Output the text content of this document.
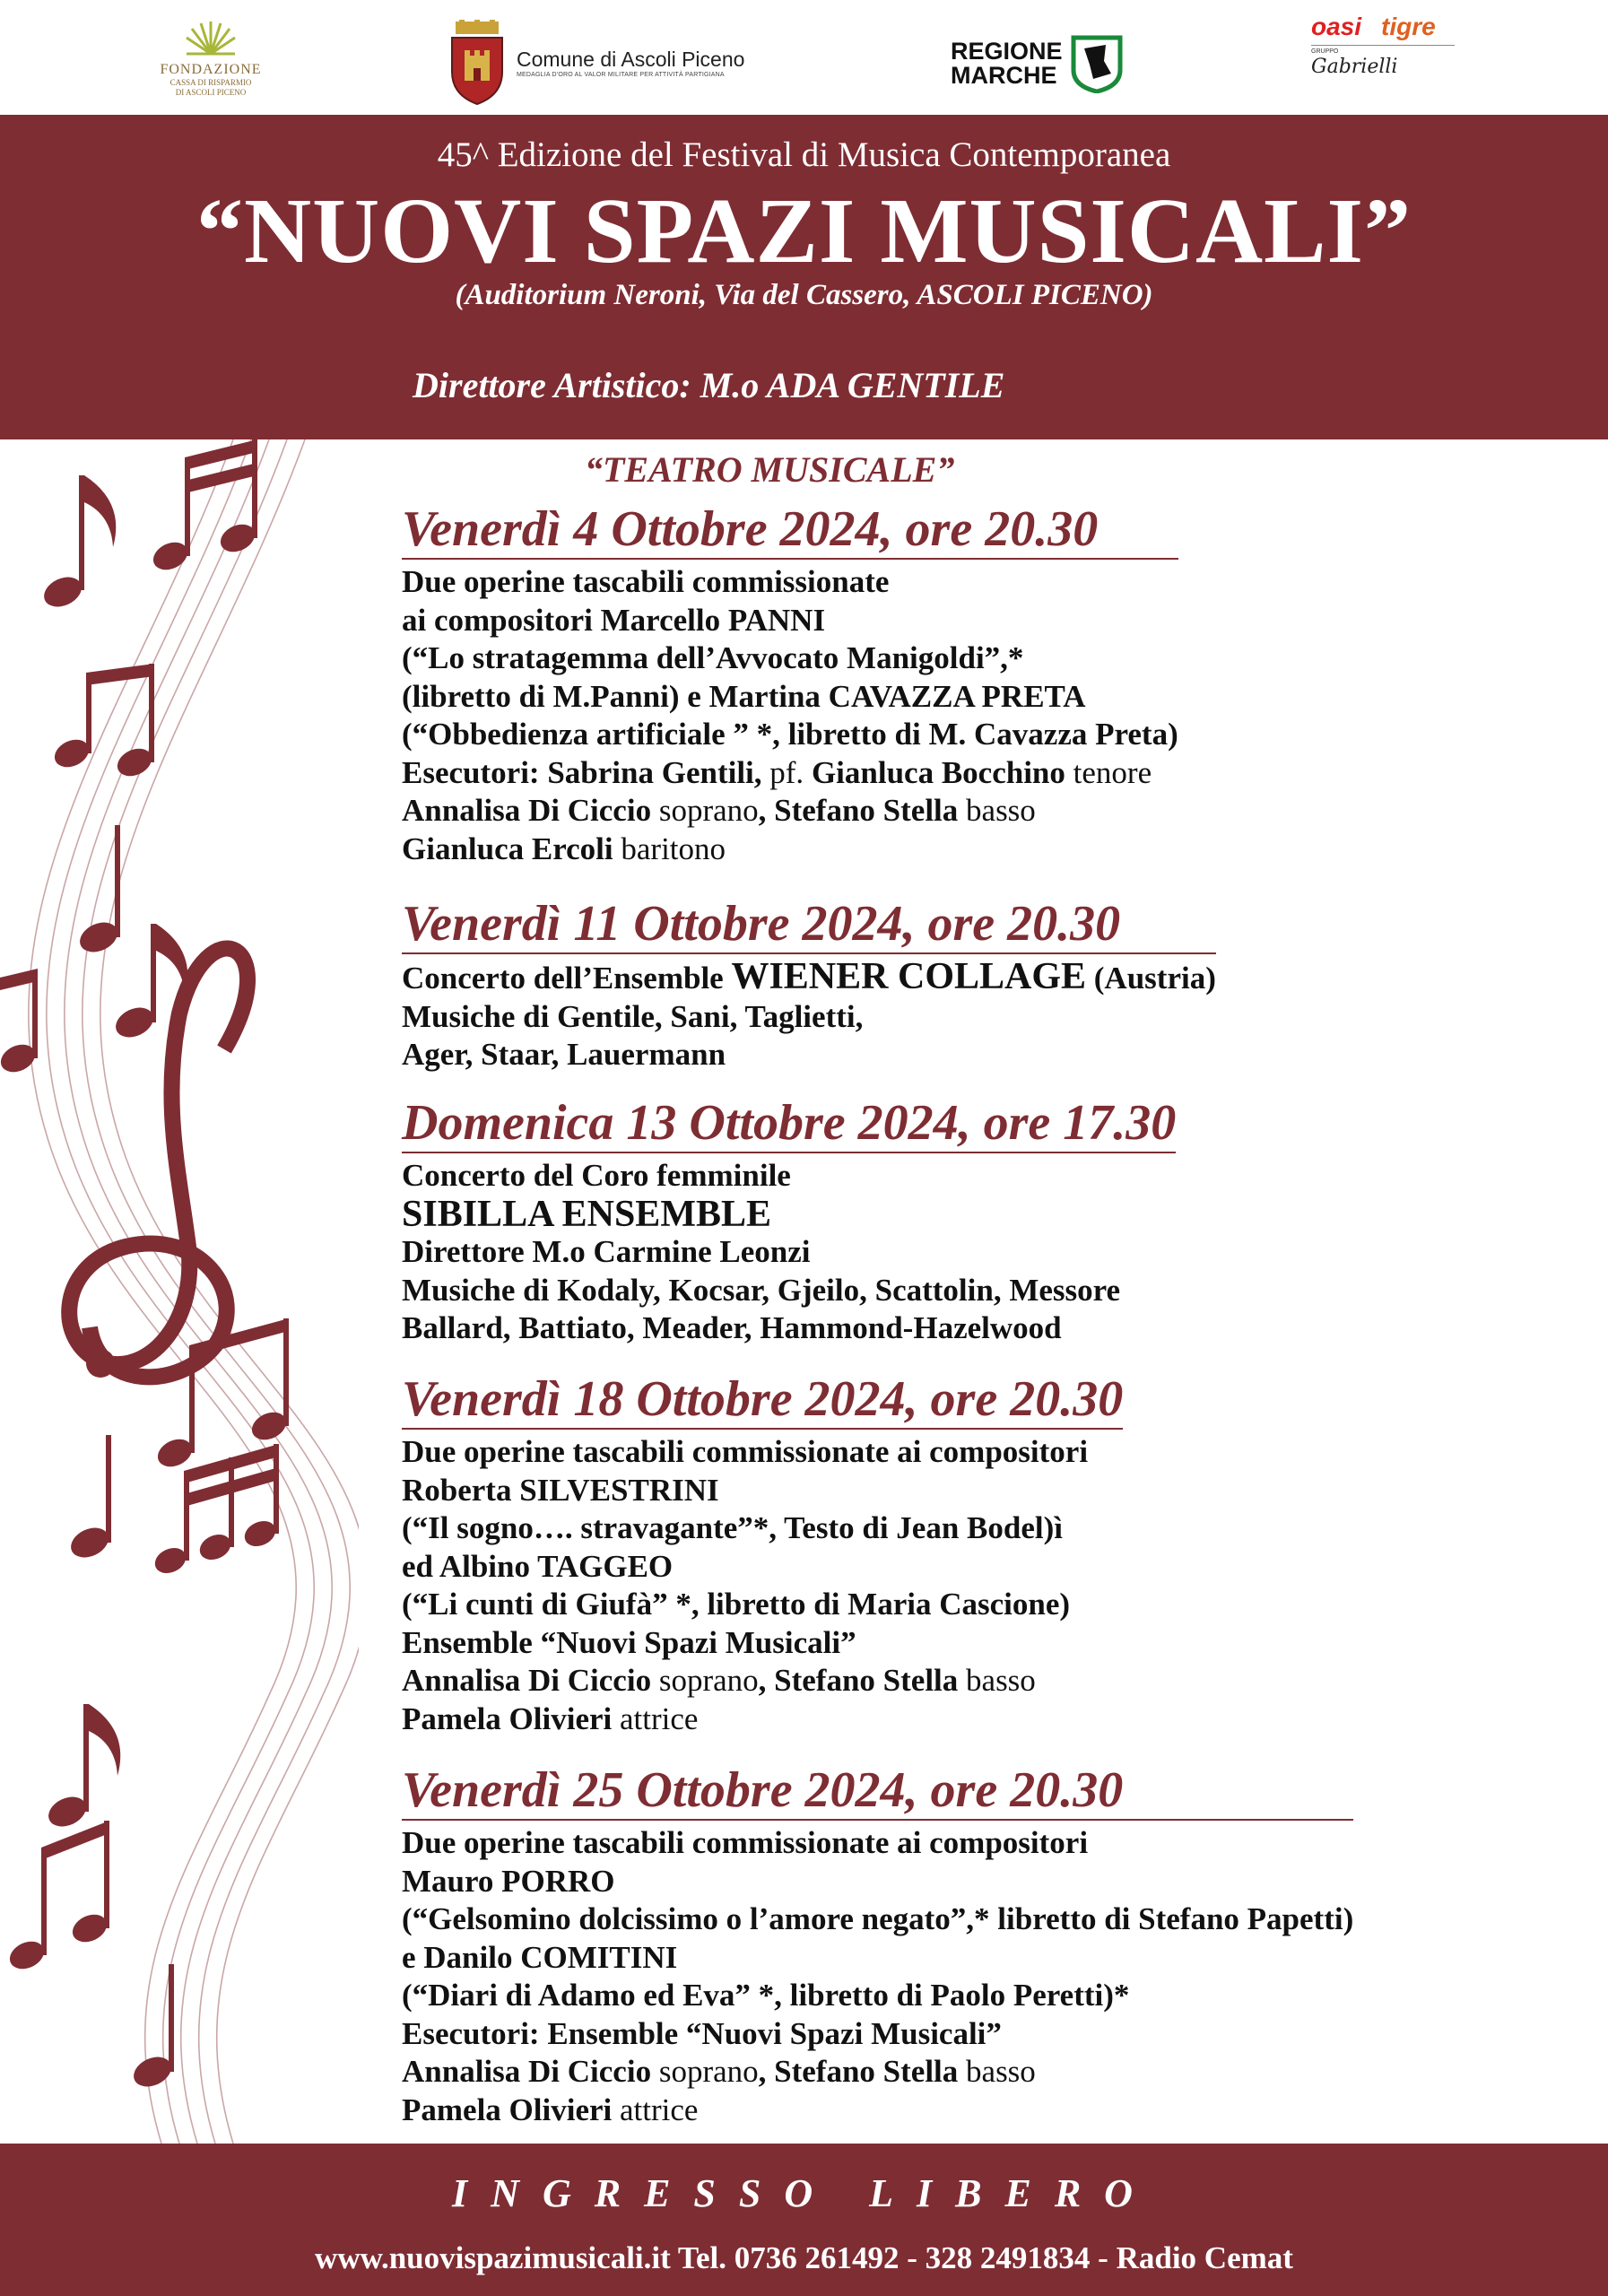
FONDAZIONE
CASSA DI RISPARMIO
DI ASCOLI PICENO
Comune di Ascoli Piceno
MEDAGLIA D'ORO AL VALOR MILITARE PER ATTIVITÀ PARTIGIANA
REGIONE
MARCHE
oasi tigre
GRUPPO
Gabrielli
45^ Edizione del Festival di Musica Contemporanea
“NUOVI SPAZI MUSICALI”
(Auditorium Neroni, Via del Cassero, ASCOLI PICENO)
Direttore Artistico: M.o ADA GENTILE
“TEATRO MUSICALE”
Venerdì 4 Ottobre 2024, ore 20.30
Due operine tascabili commissionate
ai compositori Marcello PANNI
(“Lo stratagemma dell’Avvocato Manigoldi”,*
(libretto di M.Panni) e Martina CAVAZZA PRETA
(“Obbedienza artificiale ” *, libretto di M. Cavazza Preta)
Esecutori: Sabrina Gentili, pf. Gianluca Bocchino tenore
Annalisa Di Ciccio soprano, Stefano Stella basso
Gianluca Ercoli baritono
Venerdì 11 Ottobre 2024, ore 20.30
Concerto dell’Ensemble WIENER COLLAGE (Austria)
Musiche di Gentile, Sani, Taglietti,
Ager, Staar, Lauermann
Domenica 13 Ottobre 2024, ore 17.30
Concerto del Coro femminile
SIBILLA ENSEMBLE
Direttore M.o Carmine Leonzi
Musiche di Kodaly, Kocsar, Gjeilo, Scattolin, Messore
Ballard, Battiato, Meader, Hammond-Hazelwood
Venerdì 18 Ottobre 2024, ore 20.30
Due operine tascabili commissionate ai compositori
Roberta SILVESTRINI
(“Il sogno…. stravagante”*, Testo di Jean Bodel)ì
ed Albino TAGGEO
(“Li cunti di Giufà” *, libretto di Maria Cascione)
Ensemble “Nuovi Spazi Musicali”
Annalisa Di Ciccio soprano, Stefano Stella basso
Pamela Olivieri attrice
Venerdì 25 Ottobre 2024, ore 20.30
Due operine tascabili commissionate ai compositori
Mauro PORRO
(“Gelsomino dolcissimo o l’amore negato”,* libretto di Stefano Papetti)
e Danilo COMITINI
(“Diari di Adamo ed Eva” *, libretto di Paolo Peretti)*
Esecutori: Ensemble “Nuovi Spazi Musicali”
Annalisa Di Ciccio soprano, Stefano Stella basso
Pamela Olivieri attrice
INGRESSO LIBERO
www.nuovispazimusicali.it Tel. 0736 261492 - 328 2491834 - Radio Cemat
